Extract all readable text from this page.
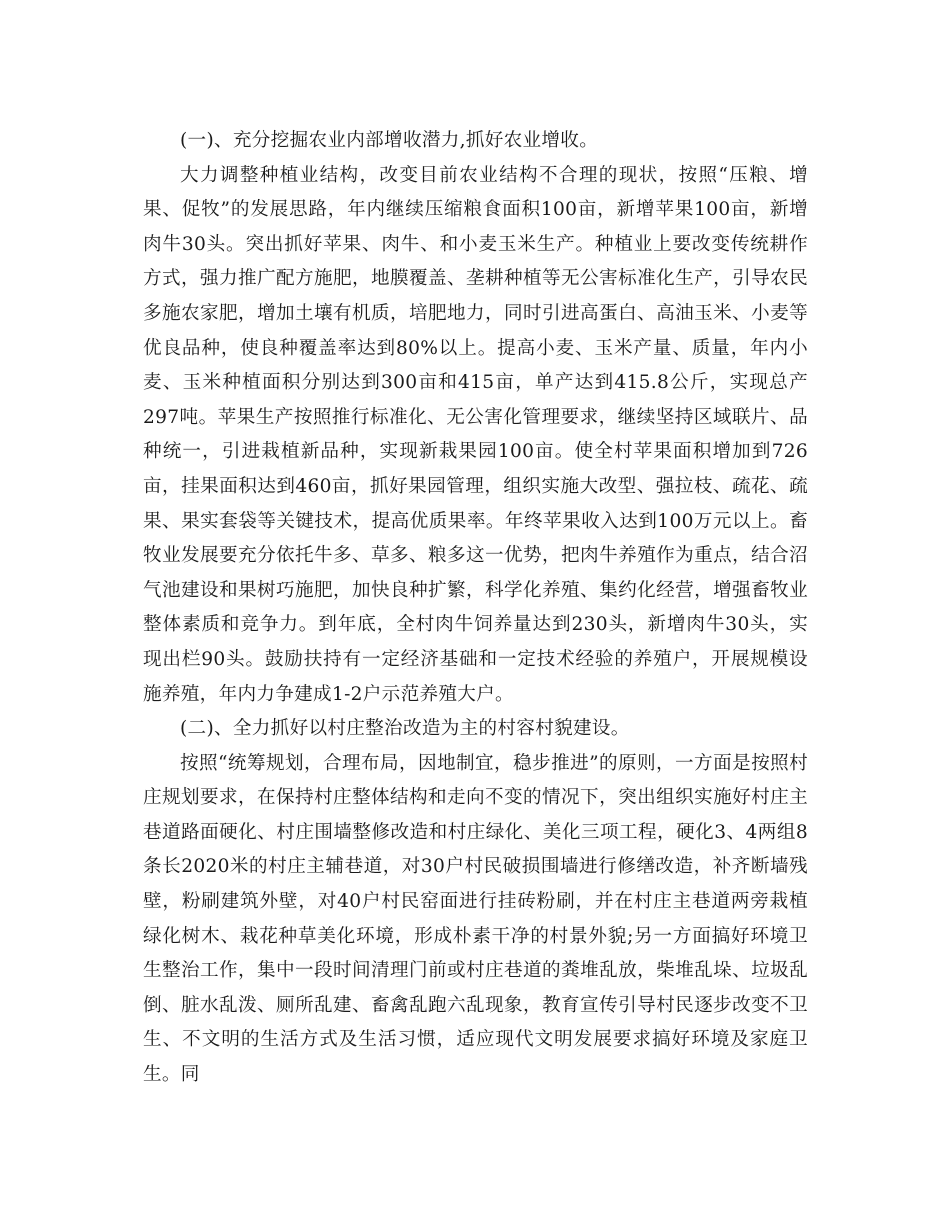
(一)、充分挖掘农业内部增收潜力,抓好农业增收。

大力调整种植业结构，改变目前农业结构不合理的现状，按照“压粮、增果、促牧”的发展思路，年内继续压缩粮食面积100亩，新增苹果100亩，新增肉牛30头。突出抓好苹果、肉牛、和小麦玉米生产。种植业上要改变传统耕作方式，强力推广配方施肥，地膜覆盖、垄耕种植等无公害标准化生产，引导农民多施农家肥，增加土壤有机质，培肥地力，同时引进高蛋白、高油玉米、小麦等优良品种，使良种覆盖率达到80%以上。提高小麦、玉米产量、质量，年内小麦、玉米种植面积分别达到300亩和415亩，单产达到415.8公斤，实现总产297吨。苹果生产按照推行标准化、无公害化管理要求，继续坚持区域联片、品种统一，引进栽植新品种，实现新栽果园100亩。使全村苹果面积增加到726亩，挂果面积达到460亩，抓好果园管理，组织实施大改型、强拉枝、疏花、疏果、果实套袋等关键技术，提高优质果率。年终苹果收入达到100万元以上。畜牧业发展要充分依托牛多、草多、粮多这一优势，把肉牛养殖作为重点，结合沼气池建设和果树巧施肥，加快良种扩繁，科学化养殖、集约化经营，增强畜牧业整体素质和竞争力。到年底，全村肉牛饲养量达到230头，新增肉牛30头，实现出栏90头。鼓励扶持有一定经济基础和一定技术经验的养殖户，开展规模设施养殖，年内力争建成1-2户示范养殖大户。

(二)、全力抓好以村庄整治改造为主的村容村貌建设。

按照“统筹规划，合理布局，因地制宜，稳步推进”的原则，一方面是按照村庄规划要求，在保持村庄整体结构和走向不变的情况下，突出组织实施好村庄主巷道路面硬化、村庄围墙整修改造和村庄绿化、美化三项工程，硬化3、4两组8条长2020米的村庄主辅巷道，对30户村民破损围墙进行修缮改造，补齐断墙残壁，粉刷建筑外壁，对40户村民窑面进行挂砖粉刷，并在村庄主巷道两旁栽植绿化树木、栽花种草美化环境，形成朴素干净的村景外貌;另一方面搞好环境卫生整治工作，集中一段时间清理门前或村庄巷道的粪堆乱放，柴堆乱垛、垃圾乱倒、脏水乱泼、厕所乱建、畜禽乱跑六乱现象，教育宣传引导村民逐步改变不卫生、不文明的生活方式及生活习惯，适应现代文明发展要求搞好环境及家庭卫生。同
